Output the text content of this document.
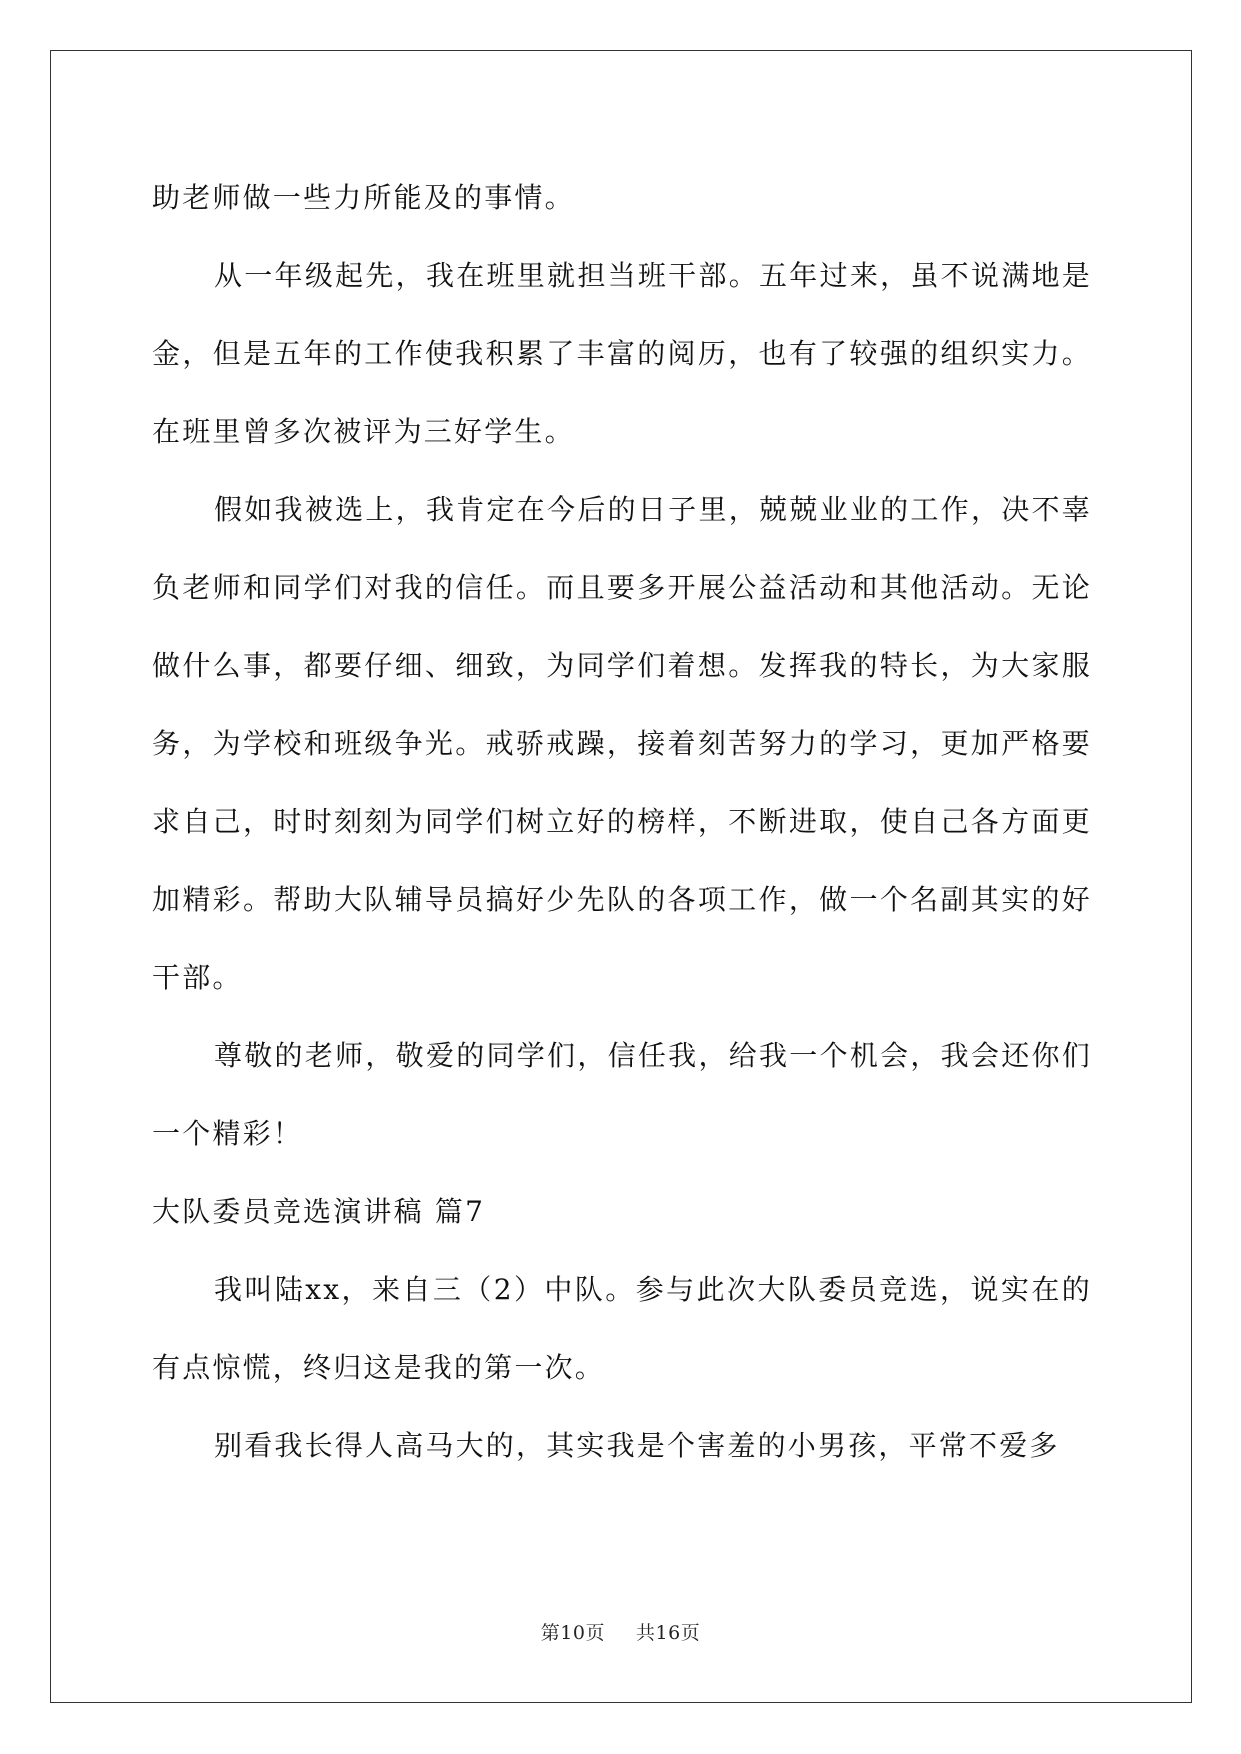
助老师做一些力所能及的事情。

从一年级起先，我在班里就担当班干部。五年过来，虽不说满地是金，但是五年的工作使我积累了丰富的阅历，也有了较强的组织实力。在班里曾多次被评为三好学生。

假如我被选上，我肯定在今后的日子里，兢兢业业的工作，决不辜负老师和同学们对我的信任。而且要多开展公益活动和其他活动。无论做什么事，都要仔细、细致，为同学们着想。发挥我的特长，为大家服务，为学校和班级争光。戒骄戒躁，接着刻苦努力的学习，更加严格要求自己，时时刻刻为同学们树立好的榜样，不断进取，使自己各方面更加精彩。帮助大队辅导员搞好少先队的各项工作，做一个名副其实的好干部。

尊敬的老师，敬爱的同学们，信任我，给我一个机会，我会还你们一个精彩！

大队委员竞选演讲稿 篇7

我叫陆xx，来自三（2）中队。参与此次大队委员竞选，说实在的有点惊慌，终归这是我的第一次。

别看我长得人高马大的，其实我是个害羞的小男孩，平常不爱多

第10页 共16页
